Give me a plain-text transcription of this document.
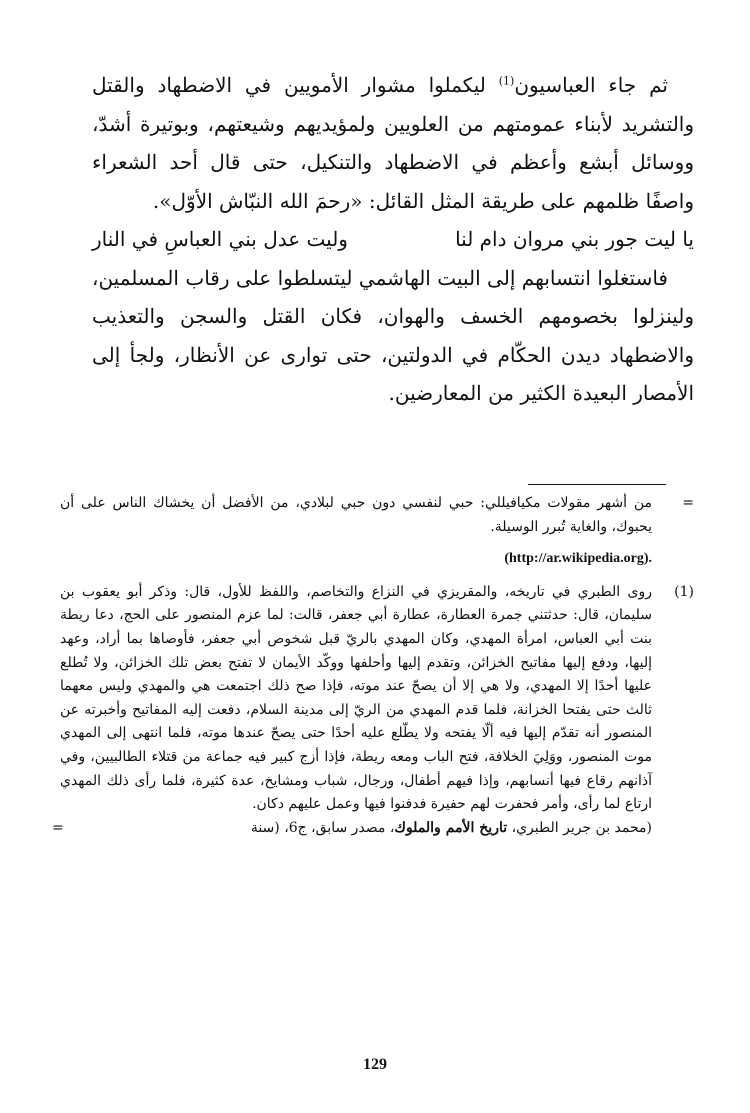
ثم جاء العباسيون$^{(1)}$ ليكملوا مشوار الأمويين في الاضطهاد والقتل والتشريد لأبناء عمومتهم من العلويين ولمؤيديهم وشيعتهم، وبوتيرة أشدّ، ووسائل أبشع وأعظم في الاضطهاد والتنكيل، حتى قال أحد الشعراء واصفًا ظلمهم على طريقة المثل القائل: «رحمَ الله النبّاش الأوّل».

يا ليت جور بني مروان دام لنا
وليت عدل بني العباسِ في النار

فاستغلوا انتسابهم إلى البيت الهاشمي ليتسلطوا على رقاب المسلمين، ولينزلوا بخصومهم الخسف والهوان، فكان القتل والسجن والتعذيب والاضطهاد ديدن الحكّام في الدولتين، حتى توارى عن الأنظار، ولجأ إلى الأمصار البعيدة الكثير من المعارضين.

=
من أشهر مقولات مكيافيللي: حبي لنفسي دون حبي لبلادي، من الأفضل أن يخشاك الناس على أن يحبوك، والغاية تُبرر الوسيلة.
(http://ar.wikipedia.org).
(1)
روى الطبري في تاريخه، والمقريزي في النزاع والتخاصم، واللفظ للأول، قال: وذكر أبو يعقوب بن سليمان، قال: حدثتني جمرة العطارة، عطارة أبي جعفر، قالت: لما عزم المنصور على الحج، دعا ريطة بنت أبي العباس، امرأة المهدي، وكان المهدي بالريّ قبل شخوص أبي جعفر، فأوصاها بما أراد، وعهد إليها، ودفع إليها مفاتيح الخزائن، وتقدم إليها وأحلفها ووكّد الأيمان لا تفتح بعض تلك الخزائن، ولا تُطلع عليها أحدًا إلا المهدي، ولا هي إلا أن يصحّ عند موته، فإذا صح ذلك اجتمعت هي والمهدي وليس معهما ثالث حتى يفتحا الخزانة، فلما قدم المهدي من الريّ إلى مدينة السلام، دفعت إليه المفاتيح وأخبرته عن المنصور أنه تقدّم إليها فيه ألّا يفتحه ولا يطّلع عليه أحدًا حتى يصحّ عندها موته، فلما انتهى إلى المهدي موت المنصور، ووَلِيَ الخلافة، فتح الباب ومعه ريطة، فإذا أزج كبير فيه جماعة من قتلاء الطالبيين، وفي آذانهم رقاع فيها أنسابهم، وإذا فيهم أطفال، ورجال، شباب ومشايخ، عدة كثيرة، فلما رأى ذلك المهدي ارتاع لما رأى، وأمر فحفرت لهم حفيرة فدفنوا فيها وعمل عليهم دكان.
(محمد بن جرير الطبري، تاريخ الأمم والملوك، مصدر سابق، ج6، (سنة
=
129
